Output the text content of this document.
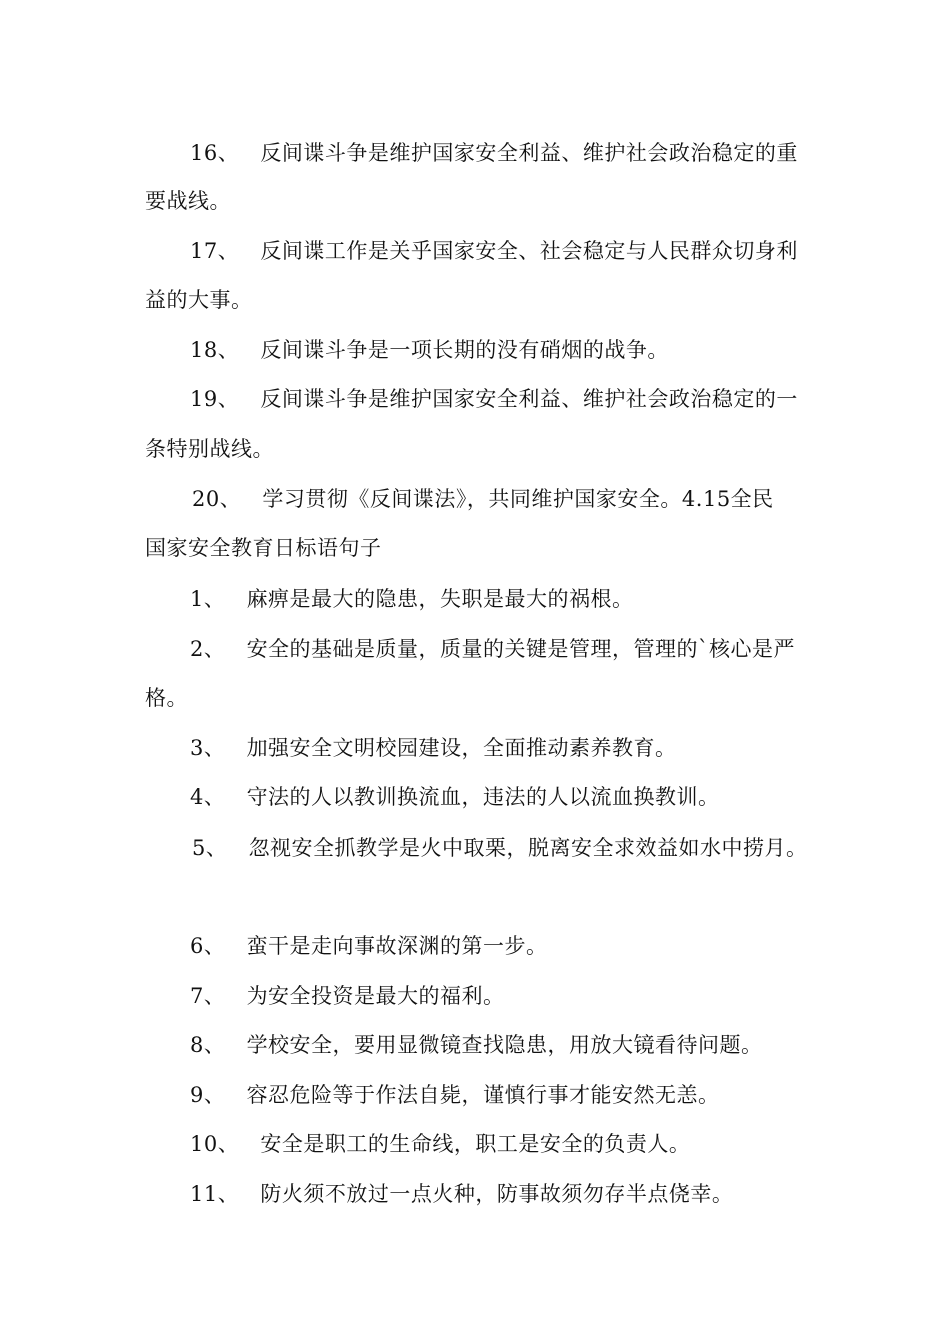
16、 反间谍斗争是维护国家安全利益、维护社会政治稳定的重
要战线。
17、 反间谍工作是关乎国家安全、社会稳定与人民群众切身利
益的大事。
18、 反间谍斗争是一项长期的没有硝烟的战争。
19、 反间谍斗争是维护国家安全利益、维护社会政治稳定的一
条特别战线。
20、 学习贯彻《反间谍法》，共同维护国家安全。4.15全民
国家安全教育日标语句子
1、 麻痹是最大的隐患，失职是最大的祸根。
2、 安全的基础是质量，质量的关键是管理，管理的`核心是严
格。
3、 加强安全文明校园建设，全面推动素养教育。
4、 守法的人以教训换流血，违法的人以流血换教训。
5、 忽视安全抓教学是火中取栗，脱离安全求效益如水中捞月。
6、 蛮干是走向事故深渊的第一步。
7、 为安全投资是最大的福利。
8、 学校安全，要用显微镜查找隐患，用放大镜看待问题。
9、 容忍危险等于作法自毙，谨慎行事才能安然无恙。
10、 安全是职工的生命线，职工是安全的负责人。
11、 防火须不放过一点火种，防事故须勿存半点侥幸。
